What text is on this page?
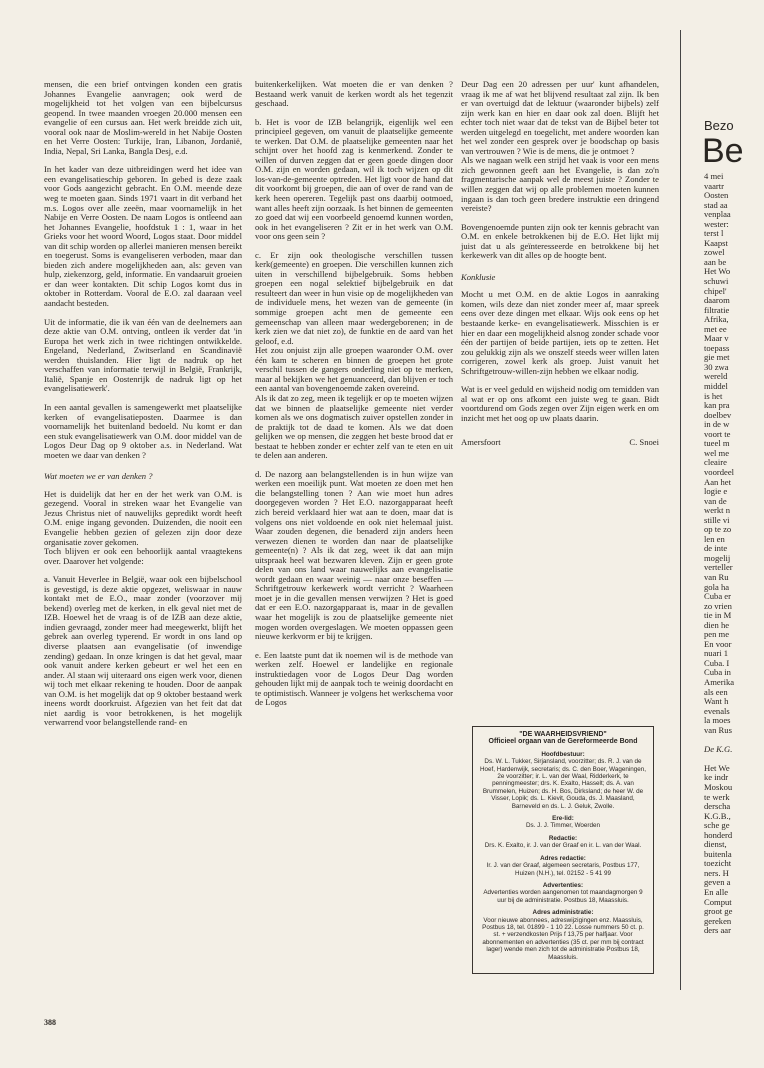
mensen, die een brief ontvingen konden een gratis Johannes Evangelie aanvragen; ook werd de mogelijkheid tot het volgen van een bijbelcursus geopend. In twee maanden vroegen 20.000 mensen een evangelie of een cursus aan. Het werk breidde zich uit, vooral ook naar de Moslim-wereld in het Nabije Oosten en het Verre Oosten: Turkije, Iran, Libanon, Jordanië, India, Nepal, Sri Lanka, Bangla Desj, e.d.

In het kader van deze uitbreidingen werd het idee van een evangelisatieschip geboren. In gebed is deze zaak voor Gods aangezicht gebracht. En O.M. meende deze weg te moeten gaan. Sinds 1971 vaart in dit verband het m.s. Logos over alle zeeën, maar voornamelijk in het Nabije en Verre Oosten. De naam Logos is ontleend aan het Johannes Evangelie, hoofdstuk 1 : 1, waar in het Grieks voor het woord Woord, Logos staat. Door middel van dit schip worden op allerlei manieren mensen bereikt en toegerust. Soms is evangeliseren verboden, maar dan bieden zich andere mogelijkheden aan, als: geven van hulp, ziekenzorg, geld, informatie. En vandaaruit groeien er dan weer kontakten. Dit schip Logos komt dus in oktober in Rotterdam. Vooral de E.O. zal daaraan veel aandacht besteden.

Uit de informatie, die ik van één van de deelnemers aan deze aktie van O.M. ontving, ontleen ik verder dat 'in Europa het werk zich in twee richtingen ontwikkelde. Engeland, Nederland, Zwitserland en Scandinavië werden thuislanden. Hier ligt de nadruk op het verschaffen van informatie terwijl in België, Frankrijk, Italië, Spanje en Oostenrijk de nadruk ligt op het evangelisatiewerk'.

In een aantal gevallen is samengewerkt met plaatselijke kerken of evangelisatieposten. Daarmee is dan voornamelijk het buitenland bedoeld. Nu komt er dan een stuk evangelisatiewerk van O.M. door middel van de Logos Deur Dag op 9 oktober a.s. in Nederland. Wat moeten we daar van denken ?

Wat moeten we er van denken ?

Het is duidelijk dat her en der het werk van O.M. is gezegend. Vooral in streken waar het Evangelie van Jezus Christus niet of nauwelijks gepredikt wordt heeft O.M. enige ingang gevonden. Duizenden, die nooit een Evangelie hebben gezien of gelezen zijn door deze organisatie zover gekomen.

Toch blijven er ook een behoorlijk aantal vraagtekens over. Daarover het volgende:

a. Vanuit Heverlee in België, waar ook een bijbelschool is gevestigd, is deze aktie opgezet, weliswaar in nauw kontakt met de E.O., maar zonder (voorzover mij bekend) overleg met de kerken, in elk geval niet met de IZB. Hoewel het de vraag is of de IZB aan deze aktie, indien gevraagd, zonder meer had meegewerkt, blijft het gebrek aan overleg typerend. Er wordt in ons land op diverse plaatsen aan evangelisatie (of inwendige zending) gedaan. In onze kringen is dat het geval, maar ook vanuit andere kerken gebeurt er wel het een en ander. Al staan wij uiteraard ons eigen werk voor, dienen wij toch met elkaar rekening te houden. Door de aanpak van O.M. is het mogelijk dat op 9 oktober bestaand werk ineens wordt doorkruist. Afgezien van het feit dat dat niet aardig is voor betrokkenen, is het mogelijk verwarrend voor belangstellende rand- en

buitenkerkelijken. Wat moeten die er van denken ? Bestaand werk vanuit de kerken wordt als het tegenzit geschaad.

b. Het is voor de IZB belangrijk, eigenlijk wel een principieel gegeven, om vanuit de plaatselijke gemeente te werken. Dat O.M. de plaatselijke gemeenten naar het schijnt over het hoofd zag is kenmerkend. Zonder te willen of durven zeggen dat er geen goede dingen door O.M. zijn en worden gedaan, wil ik toch wijzen op dit los-van-de-gemeente optreden. Het ligt voor de hand dat dit voorkomt bij groepen, die aan of over de rand van de kerk heen opereren. Tegelijk past ons daarbij ootmoed, want alles heeft zijn oorzaak. Is het binnen de gemeenten zo goed dat wij een voorbeeld genoemd kunnen worden, ook in het evangeliseren ? Zit er in het werk van O.M. voor ons geen sein ?

c. Er zijn ook theologische verschillen tussen kerk(gemeente) en groepen. Die verschillen kunnen zich uiten in verschillend bijbelgebruik. Soms hebben groepen een nogal selektief bijbelgebruik en dat resulteert dan weer in hun visie op de mogelijkheden van de individuele mens, het wezen van de gemeente (in sommige groepen acht men de gemeente een gemeenschap van alleen maar wedergeborenen; in de kerk zien we dat niet zo), de funktie en de aard van het geloof, e.d.

Het zou onjuist zijn alle groepen waaronder O.M. over één kam te scheren en binnen de groepen het grote verschil tussen de gangers onderling niet op te merken, maar al bekijken we het genuanceerd, dan blijven er toch een aantal van bovengenoemde zaken overeind.

Als ik dat zo zeg, meen ik tegelijk er op te moeten wijzen dat we binnen de plaatselijke gemeente niet verder komen als we ons dogmatisch zuiver opstellen zonder in de praktijk tot de daad te komen. Als we dat doen gelijken we op mensen, die zeggen het beste brood dat er bestaat te hebben zonder er echter zelf van te eten en uit te delen aan anderen.

d. De nazorg aan belangstellenden is in hun wijze van werken een moeilijk punt. Wat moeten ze doen met hen die belangstelling tonen ? Aan wie moet hun adres doorgegeven worden ? Het E.O. nazorgapparaat heeft zich bereid verklaard hier wat aan te doen, maar dat is volgens ons niet voldoende en ook niet helemaal juist. Waar zouden degenen, die benaderd zijn anders heen verwezen dienen te worden dan naar de plaatselijke gemeente(n) ? Als ik dat zeg, weet ik dat aan mijn uitspraak heel wat bezwaren kleven. Zijn er geen grote delen van ons land waar nauwelijks aan evangelisatie wordt gedaan en waar weinig — naar onze beseffen — Schriftgetrouw kerkewerk wordt verricht ? Waarheen moet je in die gevallen mensen verwijzen ? Het is goed dat er een E.O. nazorgapparaat is, maar in de gevallen waar het mogelijk is zou de plaatselijke gemeente niet mogen worden overgeslagen. We moeten oppassen geen nieuwe kerkvorm er bij te krijgen.

e. Een laatste punt dat ik noemen wil is de methode van werken zelf. Hoewel er landelijke en regionale instruktiedagen voor de Logos Deur Dag worden gehouden lijkt mij de aanpak toch te weinig doordacht en te optimistisch. Wanneer je volgens het werkschema voor de Logos

Deur Dag een 20 adressen per uur' kunt afhandelen, vraag ik me af wat het blijvend resultaat zal zijn. Ik ben er van overtuigd dat de lektuur (waaronder bijbels) zelf zijn werk kan en hier en daar ook zal doen. Blijft het echter toch niet waar dat de tekst van de Bijbel beter tot werden uitgelegd en toegelicht, met andere woorden kan het wel zonder een gesprek over je boodschap op basis van vertrouwen ? Wie is de mens, die je ontmoet ?

Als we nagaan welk een strijd het vaak is voor een mens zich gewonnen geeft aan het Evangelie, is dan zo'n fragmentarische aanpak wel de meest juiste ? Zonder te willen zeggen dat wij op alle problemen moeten kunnen ingaan is dan toch geen bredere instruktie een dringend vereiste?

Bovengenoemde punten zijn ook ter kennis gebracht van O.M. en enkele betrokkenen bij de E.O. Het lijkt mij juist dat u als geïnteresseerde en betrokkene bij het kerkewerk van dit alles op de hoogte bent.

Konklusie

Mocht u met O.M. en de aktie Logos in aanraking komen, wils deze dan niet zonder meer af, maar spreek eens over deze dingen met elkaar. Wijs ook eens op het bestaande kerke- en evangelisatiewerk. Misschien is er hier en daar een mogelijkheid alsnog zonder schade voor één der partijen of beide partijen, iets op te zetten. Het zou gelukkig zijn als we onszelf steeds weer willen laten corrigeren, zowel kerk als groep. Juist vanuit het Schriftgetrouw-willen-zijn hebben we elkaar nodig.

Wat is er veel geduld en wijsheid nodig om temidden van al wat er op ons afkomt een juiste weg te gaan. Bidt voortdurend om Gods zegen over Zijn eigen werk en om inzicht met het oog op uw plaats daarin.

Amersfoort	C. Snoei
"DE WAARHEIDSVRIEND"
Officieel orgaan van de Gereformeerde Bond
Hoofdbestuur:
Ds. W. L. Tukker, Sirjansland, voorzitter; ds. R. J. van de Hoef, Hardenwijk, secretaris; ds. C. den Boer, Wageningen, 2e voorzitter; ir. L. van der Waal, Ridderkerk, te penningmeester; drs. K. Exalto, Hasselt; ds. A. van Brummelen, Huizen; ds. H. Bos, Dirksland; de heer W. de Visser, Lopik; ds. L. Kievit, Gouda, ds. J. Maasland, Barneveld en ds. L. J. Geluk, Zwolle.
Ere-lid:
Ds. J. J. Timmer, Woerden
Redactie:
Drs. K. Exalto, ir. J. van der Graaf en ir. L. van der Waal.
Adres redactie:
Ir. J. van der Graaf, algemeen secretaris, Postbus 177, Huizen (N.H.), tel. 02152 - 5 41 99
Advertenties:
Advertenties worden aangenomen tot maandagmorgen 9 uur bij de administratie. Postbus 18, Maassluis.
Adres administratie:
Voor nieuwe abonnees, adreswijzigingen enz. Maassluis, Postbus 18, tel. 01899 - 1 10 22. Losse nummers 50 ct. p. st. + verzendkosten Prijs f 13,75 per halfjaar. Voor abonnementen en advertenties (35 ct. per mm bij contract lager) wende men zich tot de administratie Postbus 18, Maassluis.
388
Bezo
Be
4 mei
vaartr
Oosten
stad aa
venplaa
wester:
terst l
Kaapst
zowel
aan be
Het Wo
schuwi
chipel'
daarom
filtratie
Afrika,
met ee
Maar v
toepass
gie met
30 zwa
wereld
middel
is het
kan pra
doelbev
in de w
voort te
tueel m
wel me
cleaire
voordeel
Aan het
logie e
van de
werkt n
stille vi
op te zo
len en
de inte
mogelij
verteller
van Ru
gola ha
Cuba er
zo vrien
tie in M
dien he
pen me
En voor
nuari 1
Cuba. I
Cuba in
Amerika
als een
Want h
evenals
la moes
van Rus
De K.G.
Het We
ke indr
Moskou
te werk
derscha
K.G.B.,
sche ge
honderd
dienst,
buitenla
toezicht
ners. H
geven a
En alle
Comput
groot ge
gereken
ders aar
